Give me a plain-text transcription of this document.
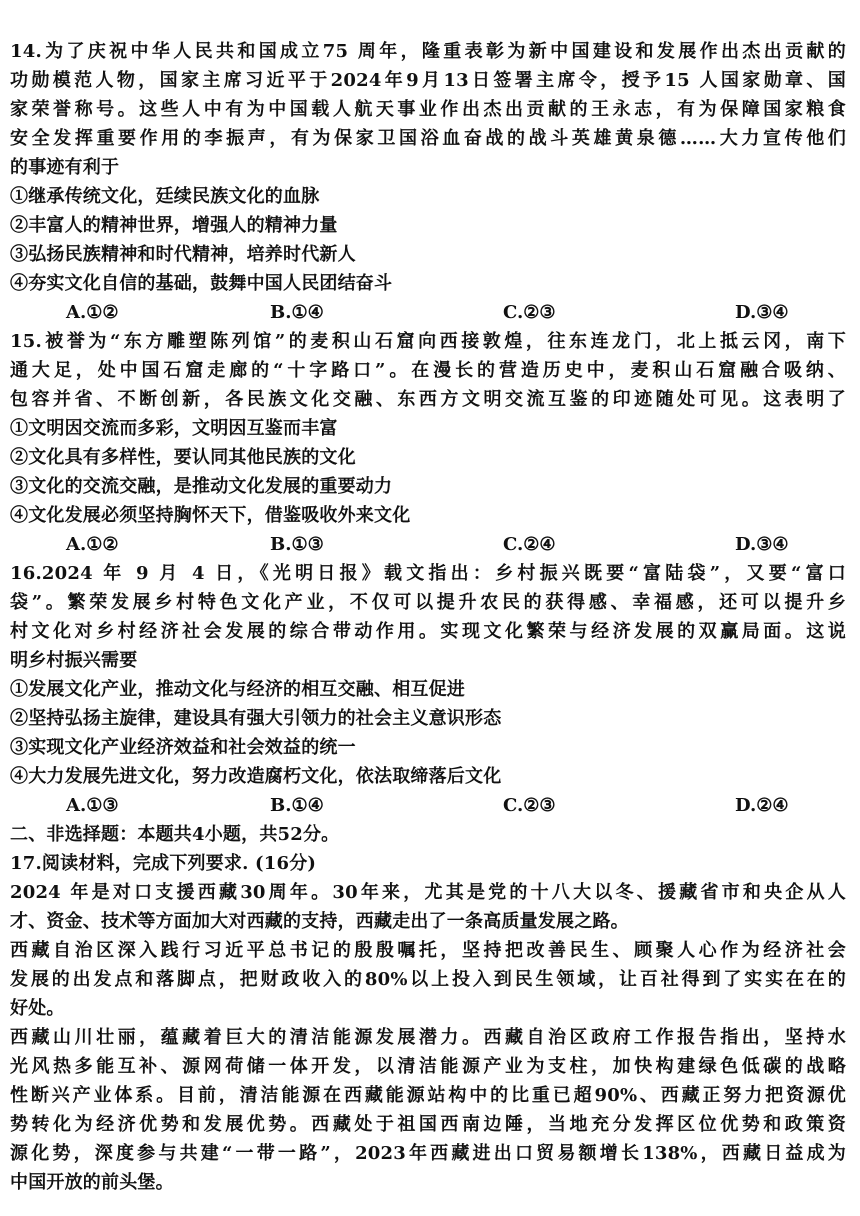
14.为了庆祝中华人民共和国成立75 周年，隆重表彰为新中国建设和发展作出杰出贡献的
功勋模范人物，国家主席习近平于2024年9月13日签署主席令，授予15 人国家勋章、国
家荣誉称号。这些人中有为中国载人航天事业作出杰出贡献的王永志，有为保障国家粮食
安全发挥重要作用的李振声，有为保家卫国浴血奋战的战斗英雄黄泉德……大力宣传他们
的事迹有利于
①继承传统文化，廷续民族文化的血脉
②丰富人的精神世界，增强人的精神力量
③弘扬民族精神和时代精神，培养时代新人
④夯实文化自信的基础，鼓舞中国人民团结奋斗
A.①②	B.①④	C.②③	D.③④
15.被誉为“东方雕塑陈列馆”的麦积山石窟向西接敦煌，往东连龙门，北上抵云冈，南下
通大足，处中国石窟走廊的“十字路口”。在漫长的营造历史中，麦积山石窟融合吸纳、
包容并省、不断创新，各民族文化交融、东西方文明交流互鉴的印迹随处可见。这表明了
①文明因交流而多彩，文明因互鉴而丰富
②文化具有多样性，要认同其他民族的文化
③文化的交流交融，是推动文化发展的重要动力
④文化发展必须坚持胸怀天下，借鉴吸收外来文化
A.①②	B.①③	C.②④	D.③④
16.2024 年 9 月 4 日，《光明日报》载文指出：乡村振兴既要“富陆袋”，又要“富口
袋”。繁荣发展乡村特色文化产业，不仅可以提升农民的获得感、幸福感，还可以提升乡
村文化对乡村经济社会发展的综合带动作用。实现文化繁荣与经济发展的双赢局面。这说
明乡村振兴需要
①发展文化产业，推动文化与经济的相互交融、相互促进
②坚持弘扬主旋律，建设具有强大引领力的社会主义意识形态
③实现文化产业经济效益和社会效益的统一
④大力发展先进文化，努力改造腐朽文化，依法取缔落后文化
A.①③	B.①④	C.②③	D.②④
二、非选择题：本题共4小题，共52分。
17.阅读材料，完成下列要求. (16分)
2024 年是对口支援西藏30周年。30年来，尤其是党的十八大以冬、援藏省市和央企从人
才、资金、技术等方面加大对西藏的支持，西藏走出了一条高质量发展之路。
西藏自治区深入践行习近平总书记的殷殷嘱托，坚持把改善民生、顾聚人心作为经济社会
发展的出发点和落脚点，把财政收入的80%以上投入到民生领域，让百社得到了实实在在的
好处。
西藏山川壮丽，蕴藏着巨大的清洁能源发展潜力。西藏自治区政府工作报告指出，坚持水
光风热多能互补、源网荷储一体开发，以清洁能源产业为支柱，加快构建绿色低碳的战略
性断兴产业体系。目前，清洁能源在西藏能源站构中的比重已超90%、西藏正努力把资源优
势转化为经济优势和发展优势。西藏处于祖国西南边陲，当地充分发挥区位优势和政策资
源化势，深度参与共建“一带一路”，2023年西藏进出口贸易额增长138%，西藏日益成为
中国开放的前头堡。
